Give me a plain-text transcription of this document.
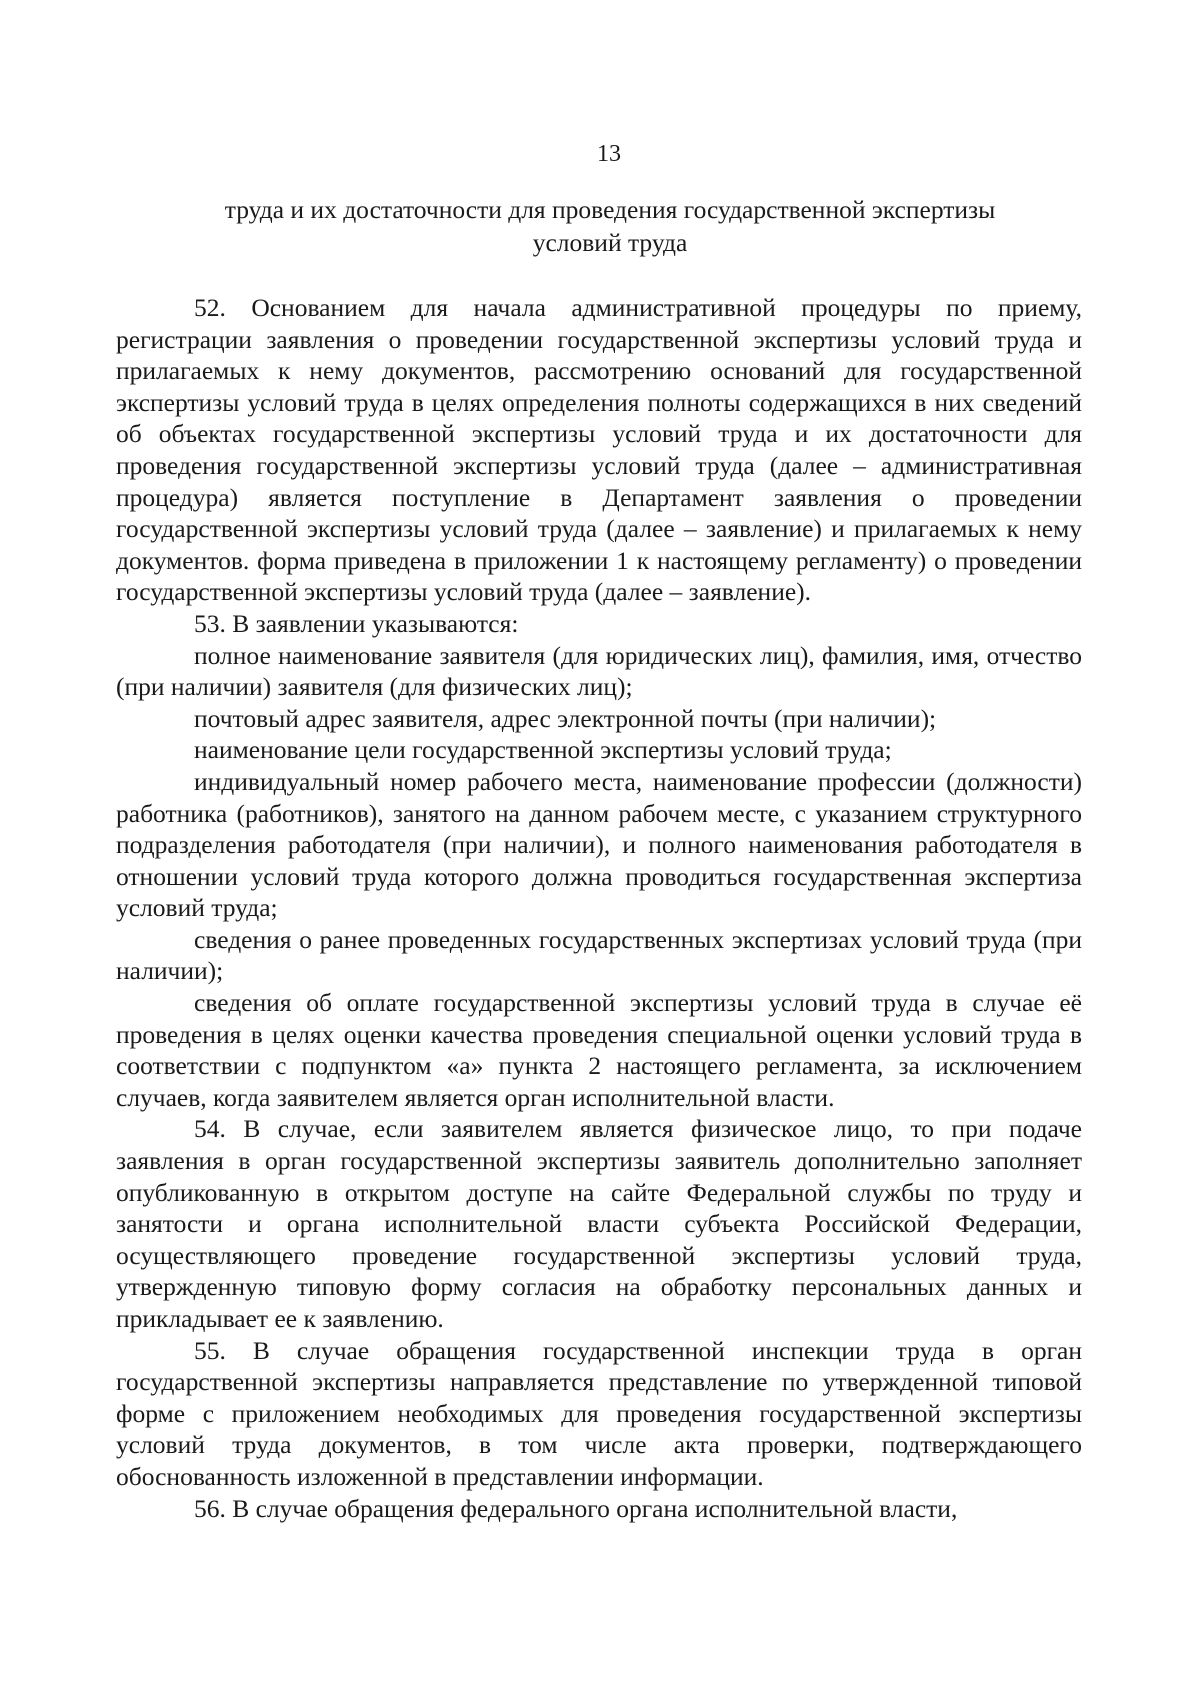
13
труда и их достаточности для проведения государственной экспертизы
условий труда

52. Основанием для начала административной процедуры по приему, регистрации заявления о проведении государственной экспертизы условий труда и прилагаемых к нему документов, рассмотрению оснований для государственной экспертизы условий труда в целях определения полноты содержащихся в них сведений об объектах государственной экспертизы условий труда и их достаточности для проведения государственной экспертизы условий труда (далее – административная процедура) является поступление в Департамент заявления о проведении государственной экспертизы условий труда (далее – заявление) и прилагаемых к нему документов. форма приведена в приложении 1 к настоящему регламенту) о проведении государственной экспертизы условий труда (далее – заявление).

53. В заявлении указываются:

полное наименование заявителя (для юридических лиц), фамилия, имя, отчество (при наличии) заявителя (для физических лиц);

почтовый адрес заявителя, адрес электронной почты (при наличии);

наименование цели государственной экспертизы условий труда;

индивидуальный номер рабочего места, наименование профессии (должности) работника (работников), занятого на данном рабочем месте, с указанием структурного подразделения работодателя (при наличии), и полного наименования работодателя в отношении условий труда которого должна проводиться государственная экспертиза условий труда;

сведения о ранее проведенных государственных экспертизах условий труда (при наличии);

сведения об оплате государственной экспертизы условий труда в случае её проведения в целях оценки качества проведения специальной оценки условий труда в соответствии с подпунктом «а» пункта 2 настоящего регламента, за исключением случаев, когда заявителем является орган исполнительной власти.

54. В случае, если заявителем является физическое лицо, то при подаче заявления в орган государственной экспертизы заявитель дополнительно заполняет опубликованную в открытом доступе на сайте Федеральной службы по труду и занятости и органа исполнительной власти субъекта Российской Федерации, осуществляющего проведение государственной экспертизы условий труда, утвержденную типовую форму согласия на обработку персональных данных и прикладывает ее к заявлению.

55. В случае обращения государственной инспекции труда в орган государственной экспертизы направляется представление по утвержденной типовой форме с приложением необходимых для проведения государственной экспертизы условий труда документов, в том числе акта проверки, подтверждающего обоснованность изложенной в представлении информации.

56. В случае обращения федерального органа исполнительной власти,
